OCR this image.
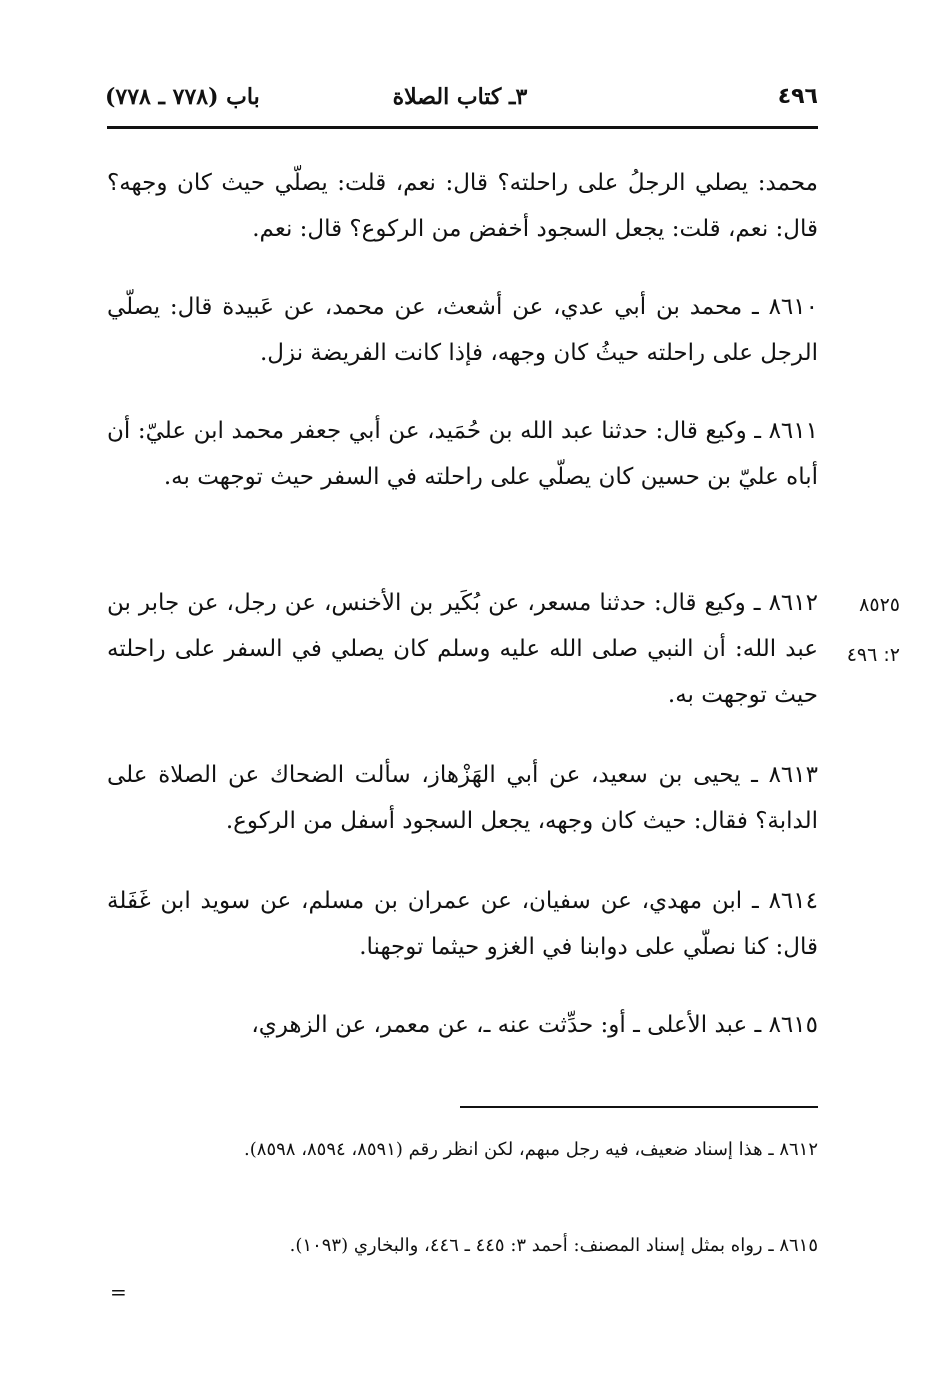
٤٩٦
٣ـ كتاب الصلاة
باب (٧٧٨ ـ ٧٧٨)
محمد: يصلي الرجلُ على راحلته؟ قال: نعم، قلت: يصلّي حيث كان وجهه؟ قال: نعم، قلت: يجعل السجود أخفض من الركوع؟ قال: نعم.
٨٦١٠ ـ محمد بن أبي عدي، عن أشعث، عن محمد، عن عَبيدة قال: يصلّي الرجل على راحلته حيثُ كان وجهه، فإذا كانت الفريضة نزل.
٨٦١١ ـ وكيع قال: حدثنا عبد الله بن حُمَيد، عن أبي جعفر محمد ابن عليّ: أن أباه عليّ بن حسين كان يصلّي على راحلته في السفر حيث توجهت به.
٨٦١٢ ـ وكيع قال: حدثنا مسعر، عن بُكَير بن الأخنس، عن رجل، عن جابر بن عبد الله: أن النبي صلى الله عليه وسلم كان يصلي في السفر على راحلته حيث توجهت به.
٨٦١٣ ـ يحيى بن سعيد، عن أبي الهَزْهاز، سألت الضحاك عن الصلاة على الدابة؟ فقال: حيث كان وجهه، يجعل السجود أسفل من الركوع.
٨٦١٤ ـ ابن مهدي، عن سفيان، عن عمران بن مسلم، عن سويد ابن غَفَلة قال: كنا نصلّي على دوابنا في الغزو حيثما توجهنا.
٨٦١٥ ـ عبد الأعلى ـ أو: حدِّثت عنه ـ، عن معمر، عن الزهري،
٨٥٢٥
٢: ٤٩٦
٨٦١٢ ـ هذا إسناد ضعيف، فيه رجل مبهم، لكن انظر رقم (٨٥٩١، ٨٥٩٤، ٨٥٩٨).
٨٦١٥ ـ رواه بمثل إسناد المصنف: أحمد ٣: ٤٤٥ ـ ٤٤٦، والبخاري (١٠٩٣).
=
